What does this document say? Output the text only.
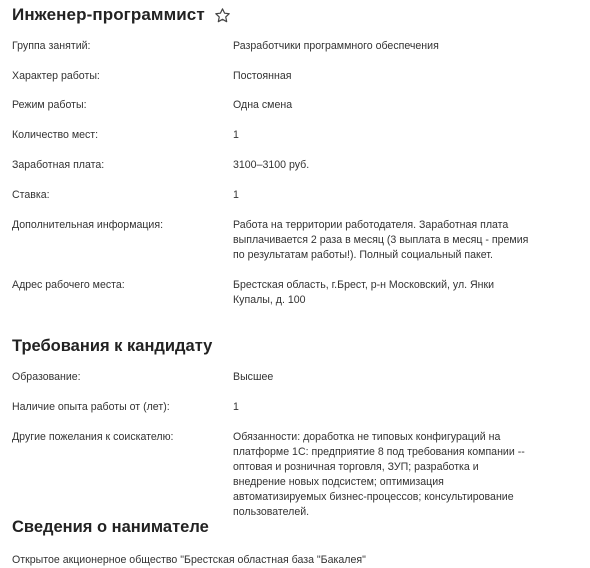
Инженер-программист
Группа занятий:	Разработчики программного обеспечения
Характер работы:	Постоянная
Режим работы:	Одна смена
Количество мест:	1
Заработная плата:	3100–3100 руб.
Ставка:	1
Дополнительная информация:	Работа на территории работодателя. Заработная плата выплачивается 2 раза в месяц (3 выплата в месяц - премия по результатам работы!). Полный социальный пакет.
Адрес рабочего места:	Брестская область, г.Брест, р-н Московский, ул. Янки Купалы, д. 100
Требования к кандидату
Образование:	Высшее
Наличие опыта работы от (лет):	1
Другие пожелания к соискателю:	Обязанности: доработка не типовых конфигураций на платформе 1С: предприятие 8 под требования компании -- оптовая и розничная торговля, ЗУП; разработка и внедрение новых подсистем; оптимизация автоматизируемых бизнес-процессов; консультирование пользователей.
Сведения о нанимателе
Открытое акционерное общество "Брестская областная база "Бакалея"
